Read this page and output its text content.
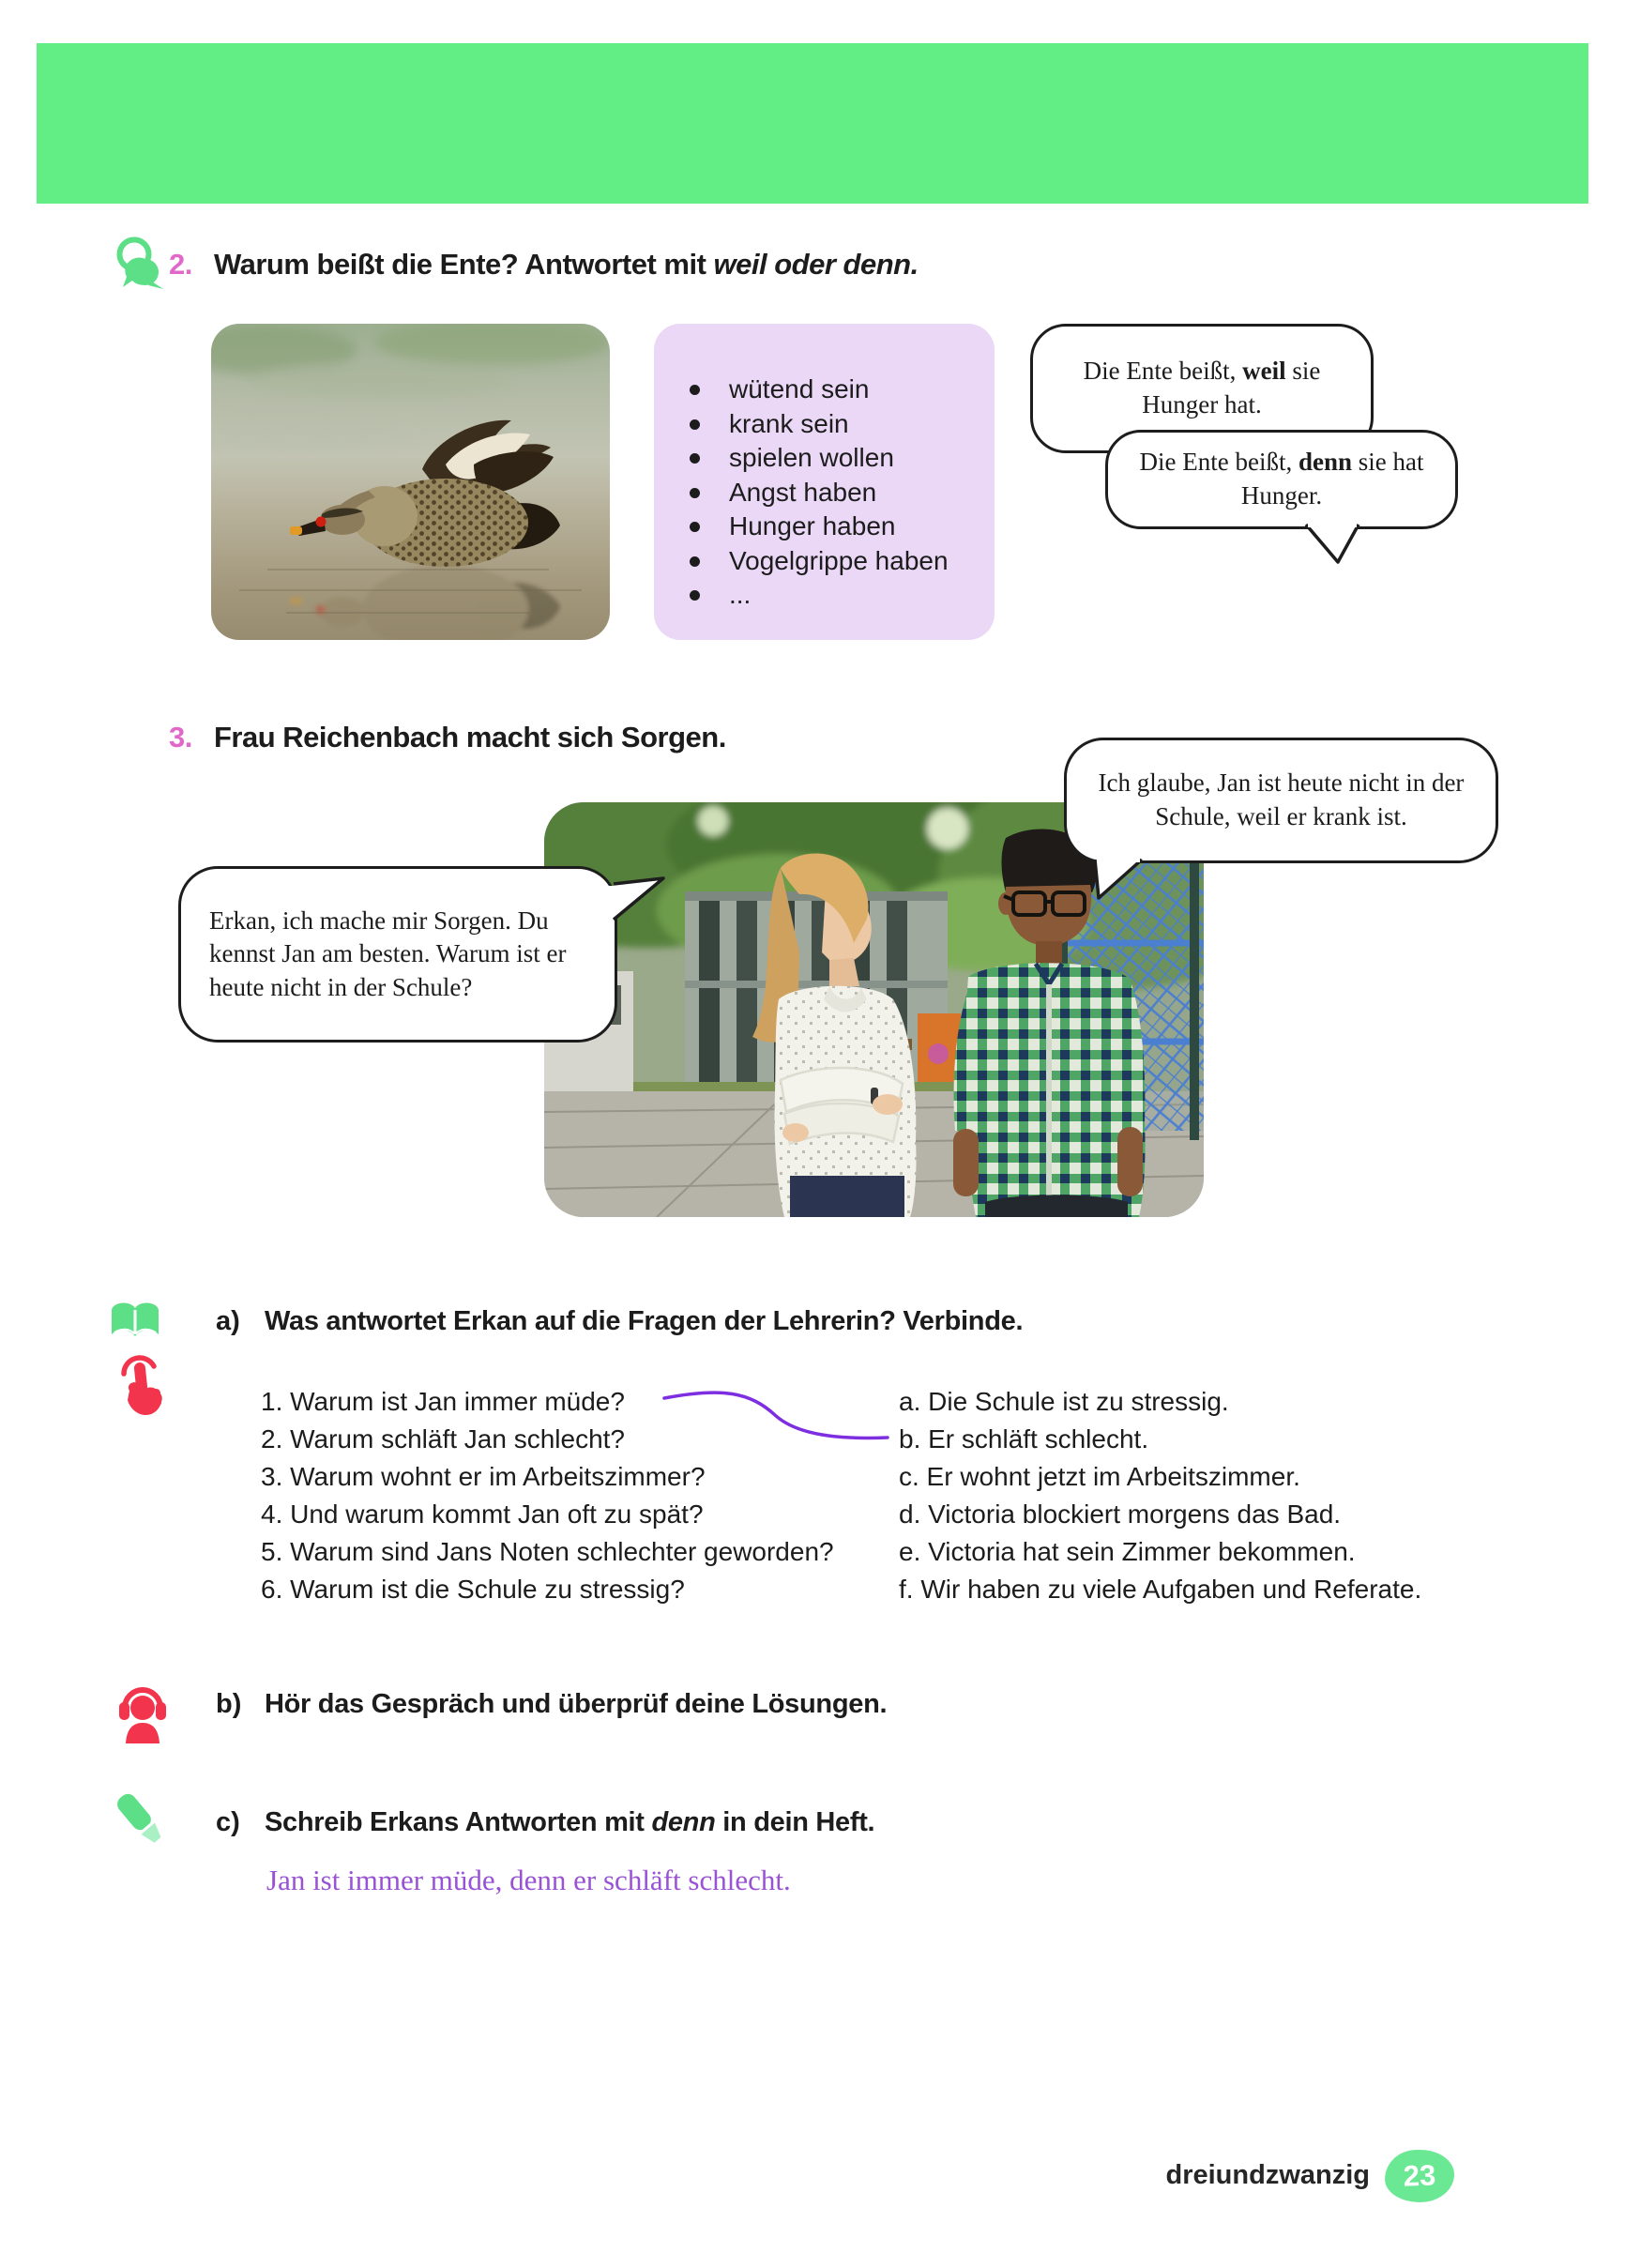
2. Warum beißt die Ente? Antwortet mit weil oder denn.
wütend sein
krank sein
spielen wollen
Angst haben
Hunger haben
Vogelgrippe haben
...
Die Ente beißt, weil sie Hunger hat.
Die Ente beißt, denn sie hat Hunger.
3. Frau Reichenbach macht sich Sorgen.
Ich glaube, Jan ist heute nicht in der Schule, weil er krank ist.
Erkan, ich mache mir Sorgen. Du kennst Jan am besten. Warum ist er heute nicht in der Schule?
a) Was antwortet Erkan auf die Fragen der Lehrerin? Verbinde.
1. Warum ist Jan immer müde?
2. Warum schläft Jan schlecht?
3. Warum wohnt er im Arbeitszimmer?
4. Und warum kommt Jan oft zu spät?
5. Warum sind Jans Noten schlechter geworden?
6. Warum ist die Schule zu stressig?
a. Die Schule ist zu stressig.
b. Er schläft schlecht.
c. Er wohnt jetzt im Arbeitszimmer.
d. Victoria blockiert morgens das Bad.
e. Victoria hat sein Zimmer bekommen.
f. Wir haben zu viele Aufgaben und Referate.
b) Hör das Gespräch und überprüf deine Lösungen.
c) Schreib Erkans Antworten mit denn in dein Heft.
Jan ist immer müde, denn er schläft schlecht.
dreiundzwanzig 23
